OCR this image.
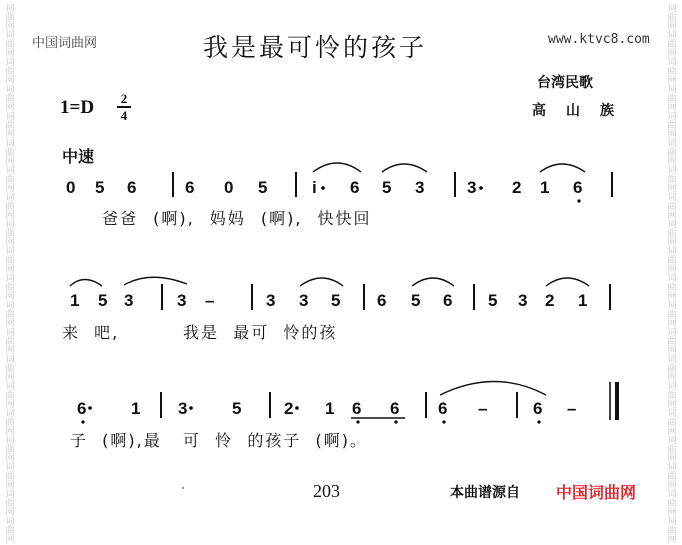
词
曲
网
词
曲
网
词
曲
网
词
曲
网
词
曲
网
词
曲
网
词
曲
网
词
曲
网
词
曲
网
词
曲
网
词
曲
网
词
曲
网
词
曲
网
词
曲
网
词
曲
网
词
曲
网
词
曲
网
词
曲
网
词
曲
网
词
曲
网
词
曲
网
词
曲
网
词
曲
网
词
曲
网
词
曲
网
词
曲
网
词
曲
网
词
曲
网
词
曲
网
词
曲
网
词
曲
网
词
曲
网
词
曲
网
词
曲
网
词
曲
网
词
曲
网
词
曲
网
词
曲
网
词
曲
网
词
曲
网
中国词曲网	www.ktvc8.com
我是最可怜的孩子
台湾民歌
高山族
1=D 2
4
中速
0 5 6	6 0 5	i 6 5 3	3 2 1 6
1 5 3	3 –	3 3 5 6 5 6 5 3 2 1
6	1 3	5	2 1 6 6 6 –	6 –
爸爸 (啊), 妈妈 (啊), 快快回
来  吧,         我是  最可  怜的孩
子  (啊),最   可  怜  的孩子  (啊)。
203	本曲谱源自 中国词曲网
